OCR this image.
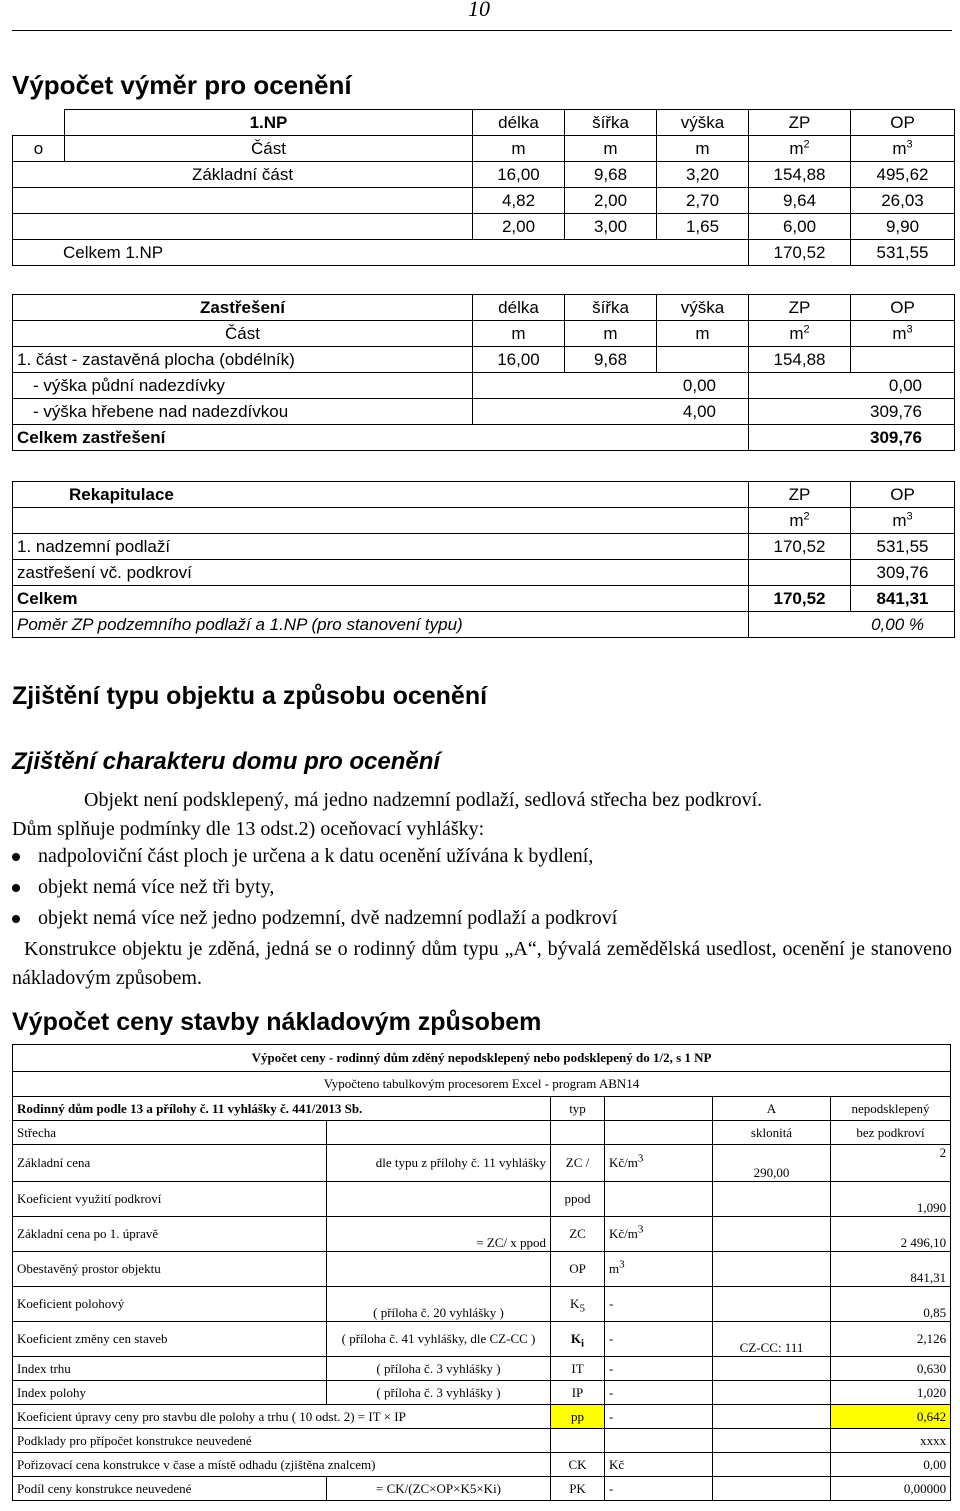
10
Výpočet výměr pro ocenění
	1.NP	délka	šířka	výška	ZP	OP
o	Část	m	m	m	$m^2$	$m^3$
Základní část		16,00	9,68	3,20	154,88	495,62
		4,82	2,00	2,70	9,64	26,03
		2,00	3,00	1,65	6,00	9,90
Celkem 1.NP					170,52	531,55
Zastřešení	délka	šířka	výška	ZP	OP
Část	m	m	m	$m^2$	$m^3$
1. část - zastavěná plocha (obdélník)	16,00	9,68		154,88	
- výška půdní nadezdívky	0,00			0,00	
- výška hřebene nad nadezdívkou	4,00			309,76	
Celkem zastřešení				309,76	
Rekapitulace	ZP	OP
	$m^2$	$m^3$
1. nadzemní podlaží	170,52	531,55
zastřešení vč. podkroví		309,76
Celkem	170,52	841,31
Poměr ZP podzemního podlaží a 1.NP (pro stanovení typu)	0,00 %	
Zjištění typu objektu a způsobu ocenění
Zjištění charakteru domu pro ocenění
Objekt není podsklepený, má jedno nadzemní podlaží, sedlová střecha bez podkroví.
Dům splňuje podmínky dle 13 odst.2) oceňovací vyhlášky:
nadpoloviční část ploch je určena a k datu ocenění užívána k bydlení,
objekt nemá více než tři byty,
objekt nemá více než jedno podzemní, dvě nadzemní podlaží a podkroví
Konstrukce objektu je zděná, jedná se o rodinný dům typu „A“, bývalá zemědělská usedlost, ocenění je stanoveno nákladovým způsobem.
Výpočet ceny stavby nákladovým způsobem
Výpočet ceny - rodinný dům zděný nepodsklepený nebo podsklepený do 1/2, s 1 NP					
Vypočteno tabulkovým procesorem Excel - program ABN14					
Rodinný dům podle 13 a přílohy č. 11 vyhlášky č. 441/2013 Sb.		typ		A	nepodsklepený
Střecha				sklonitá	bez podkroví
Základní cena	dle typu z přílohy č. 11 vyhlášky	ZC /	$Kč/m^3$	290,00	2
Koeficient využití podkroví		ppod			1,090
Základní cena po 1. úpravě	= ZC/ x ppod	ZC	$Kč/m^3$		2 496,10
Obestavěný prostor objektu		OP	$m^3$		841,31
Koeficient polohový	( příloha č. 20 vyhlášky )	$K_5$	-		0,85
Koeficient změny cen staveb	( příloha č. 41 vyhlášky, dle CZ-CC )	$K_i$	-	CZ-CC: 111	2,126
Index trhu	( příloha č. 3 vyhlášky )	IT	-		0,630
Index polohy	( příloha č. 3 vyhlášky )	IP	-		1,020
Koeficient úpravy ceny pro stavbu dle polohy a trhu ( 10 odst. 2) = IT × IP		pp	-		0,642
Podklady pro přípočet konstrukce neuvedené					xxxx
Pořizovací cena konstrukce v čase a místě odhadu (zjištěna znalcem)		CK	Kč		0,00
Podíl ceny konstrukce neuvedené	= CK/(ZC×OP×K5×Ki)	PK	-		0,00000
